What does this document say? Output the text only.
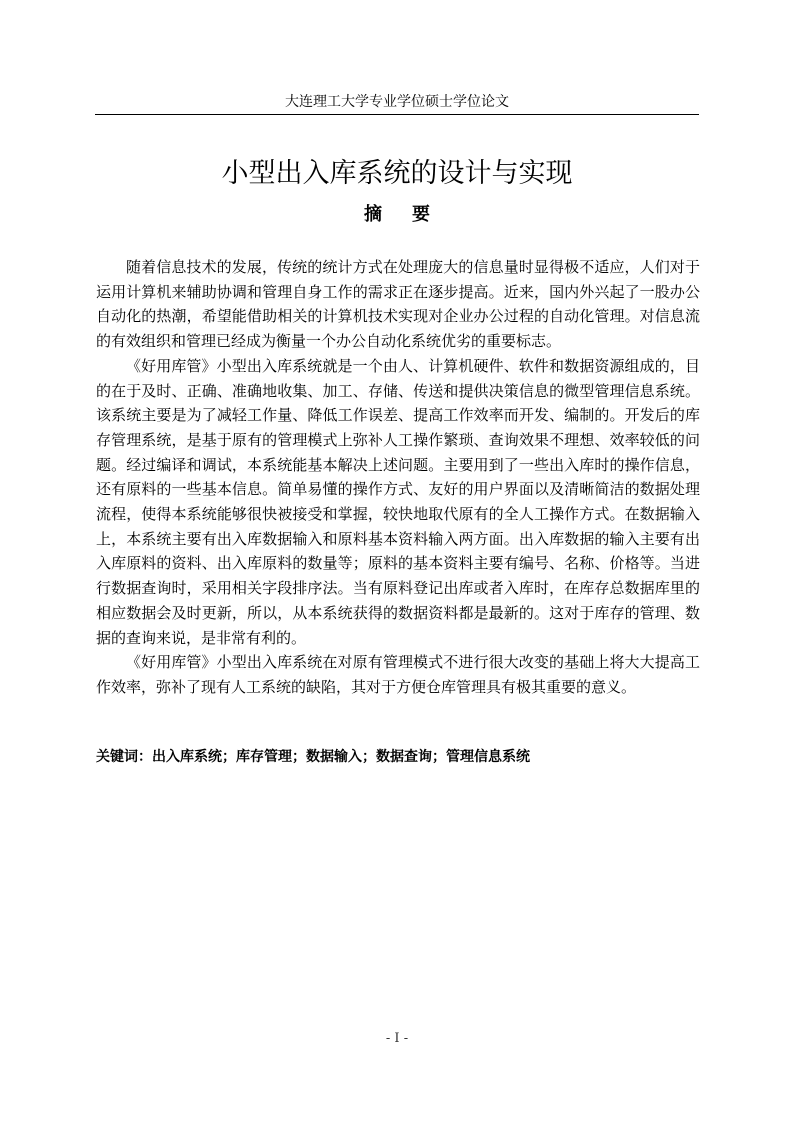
大连理工大学专业学位硕士学位论文
小型出入库系统的设计与实现
摘要

随着信息技术的发展，传统的统计方式在处理庞大的信息量时显得极不适应，人们对于运用计算机来辅助协调和管理自身工作的需求正在逐步提高。近来，国内外兴起了一股办公自动化的热潮，希望能借助相关的计算机技术实现对企业办公过程的自动化管理。对信息流的有效组织和管理已经成为衡量一个办公自动化系统优劣的重要标志。

《好用库管》小型出入库系统就是一个由人、计算机硬件、软件和数据资源组成的，目的在于及时、正确、准确地收集、加工、存储、传送和提供决策信息的微型管理信息系统。该系统主要是为了减轻工作量、降低工作误差、提高工作效率而开发、编制的。开发后的库存管理系统，是基于原有的管理模式上弥补人工操作繁琐、查询效果不理想、效率较低的问题。经过编译和调试，本系统能基本解决上述问题。主要用到了一些出入库时的操作信息，还有原料的一些基本信息。简单易懂的操作方式、友好的用户界面以及清晰简洁的数据处理流程，使得本系统能够很快被接受和掌握，较快地取代原有的全人工操作方式。在数据输入上，本系统主要有出入库数据输入和原料基本资料输入两方面。出入库数据的输入主要有出入库原料的资料、出入库原料的数量等；原料的基本资料主要有编号、名称、价格等。当进行数据查询时，采用相关字段排序法。当有原料登记出库或者入库时，在库存总数据库里的相应数据会及时更新，所以，从本系统获得的数据资料都是最新的。这对于库存的管理、数据的查询来说，是非常有利的。

《好用库管》小型出入库系统在对原有管理模式不进行很大改变的基础上将大大提高工作效率，弥补了现有人工系统的缺陷，其对于方便仓库管理具有极其重要的意义。

关键词：出入库系统；库存管理；数据输入；数据查询；管理信息系统
- I -
